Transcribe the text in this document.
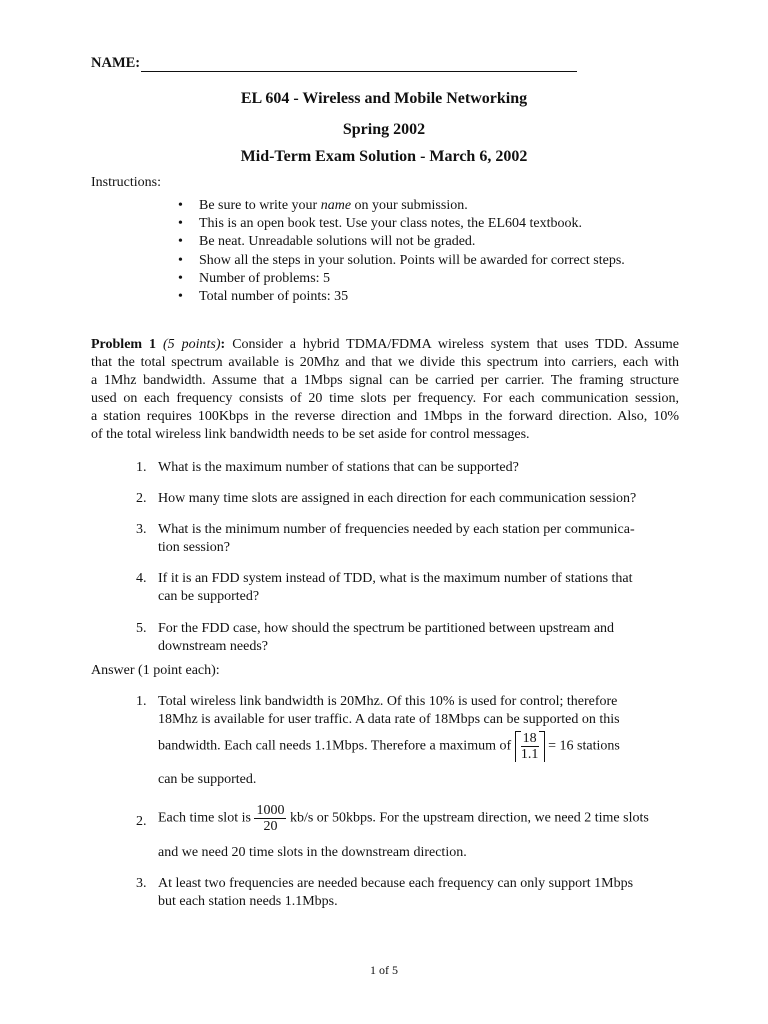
NAME:
EL 604 - Wireless and Mobile Networking
Spring 2002
Mid-Term Exam Solution - March 6, 2002
Instructions:
• Be sure to write your name on your submission.
• This is an open book test. Use your class notes, the EL604 textbook.
• Be neat. Unreadable solutions will not be graded.
• Show all the steps in your solution. Points will be awarded for correct steps.
• Number of problems: 5
• Total number of points: 35
Problem 1 (5 points): Consider a hybrid TDMA/FDMA wireless system that uses TDD. Assume
that the total spectrum available is 20Mhz and that we divide this spectrum into carriers, each with
a 1Mhz bandwidth. Assume that a 1Mbps signal can be carried per carrier. The framing structure
used on each frequency consists of 20 time slots per frequency. For each communication session,
a station requires 100Kbps in the reverse direction and 1Mbps in the forward direction. Also, 10%
of the total wireless link bandwidth needs to be set aside for control messages.
1. What is the maximum number of stations that can be supported?
2. How many time slots are assigned in each direction for each communication session?
3. What is the minimum number of frequencies needed by each station per communica-
tion session?
4. If it is an FDD system instead of TDD, what is the maximum number of stations that
can be supported?
5. For the FDD case, how should the spectrum be partitioned between upstream and
downstream needs?
Answer (1 point each):
1. Total wireless link bandwidth is 20Mhz. Of this 10% is used for control; therefore
18Mhz is available for user traffic. A data rate of 18Mbps can be supported on this
bandwidth. Each call needs 1.1Mbps. Therefore a maximum of $\frac{18}{1.1} = 16$ stations
can be supported.
2. Each time slot is $\frac{1000}{20} kb/s$ or 50kbps. For the upstream direction, we need 2 time slots
and we need 20 time slots in the downstream direction.
3. At least two frequencies are needed because each frequency can only support 1Mbps
but each station needs 1.1Mbps.
1 of 5
